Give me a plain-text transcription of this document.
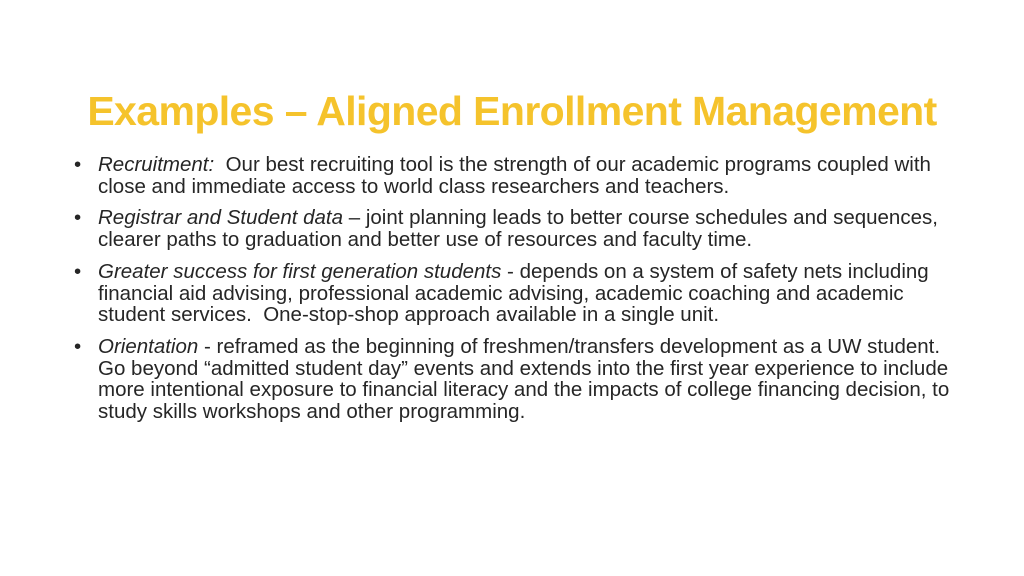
Examples – Aligned Enrollment Management
• Recruitment:  Our best recruiting tool is the strength of our academic programs coupled with close and immediate access to world class researchers and teachers.
• Registrar and Student data – joint planning leads to better course schedules and sequences, clearer paths to graduation and better use of resources and faculty time.
• Greater success for first generation students - depends on a system of safety nets including financial aid advising, professional academic advising, academic coaching and academic student services.  One-stop-shop approach available in a single unit.
• Orientation - reframed as the beginning of freshmen/transfers development as a UW student. Go beyond “admitted student day” events and extends into the first year experience to include more intentional exposure to financial literacy and the impacts of college financing decision, to study skills workshops and other programming.
